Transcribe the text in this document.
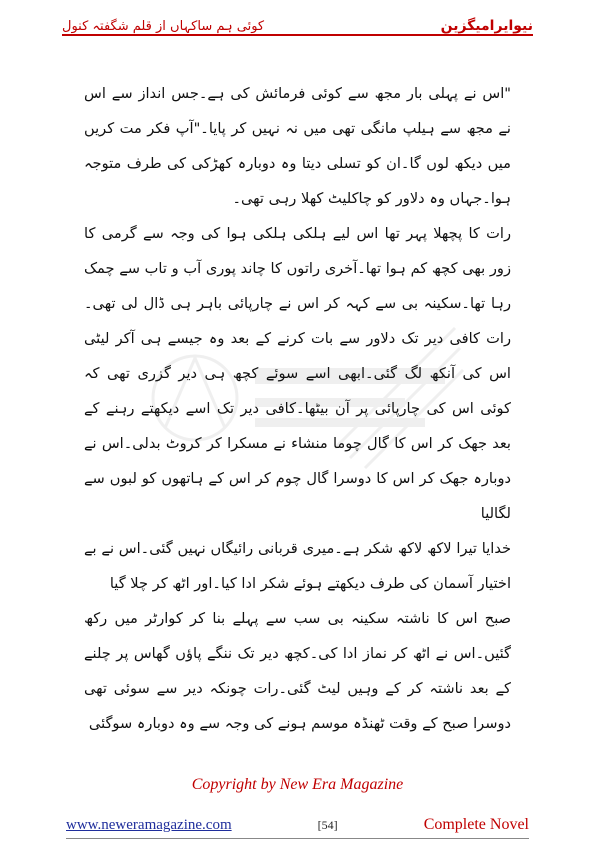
نیوایرامیگزین
کوئی ہم ساکہاں از قلم شگفتہ کنول

"اس نے پہلی بار مجھ سے کوئی فرمائش کی ہے۔جس انداز سے اس نے مجھ سے ہیلپ مانگی تھی میں نہ نہیں کر پایا۔"آپ فکر مت کریں میں دیکھ لوں گا۔ان کو تسلی دیتا وہ دوبارہ کھڑکی کی طرف متوجہ ہوا۔جہاں وہ دلاور کو چاکلیٹ کھلا رہی تھی۔

رات کا پچھلا پہر تھا اس لیے ہلکی ہلکی ہوا کی وجہ سے گرمی کا زور بھی کچھ کم ہوا تھا۔آخری راتوں کا چاند پوری آب و تاب سے چمک رہا تھا۔سکینہ بی سے کہہ کر اس نے چارپائی باہر ہی ڈال لی تھی۔رات کافی دیر تک دلاور سے بات کرنے کے بعد وہ جیسے ہی آکر لیٹی اس کی آنکھ لگ گئی۔ابھی اسے سوئے کچھ ہی دیر گزری تھی کہ کوئی اس کی چارپائی پر آن بیٹھا۔کافی دیر تک اسے دیکھتے رہنے کے بعد جھک کر اس کا گال چوما منشاء نے مسکرا کر کروٹ بدلی۔اس نے دوبارہ جھک کر اس کا دوسرا گال چوم کر اس کے ہاتھوں کو لبوں سے لگالیا

خدایا تیرا لاکھ لاکھ شکر ہے۔میری قربانی رائیگاں نہیں گئی۔اس نے بے اختیار آسمان کی طرف دیکھتے ہوئے شکر ادا کیا۔اور اٹھ کر چلا گیا

صبح اس کا ناشتہ سکینہ بی سب سے پہلے بنا کر کوارٹر میں رکھ گئیں۔اس نے اٹھ کر نماز ادا کی۔کچھ دیر تک ننگے پاؤں گھاس پر چلنے کے بعد ناشتہ کر کے وہیں لیٹ گئی۔رات چونکہ دیر سے سوئی تھی دوسرا صبح کے وقت ٹھنڈہ موسم ہونے کی وجہ سے وہ دوبارہ سوگئی

Copyright by New Era Magazine
www.neweramagazine.com	[54]	Complete Novel
